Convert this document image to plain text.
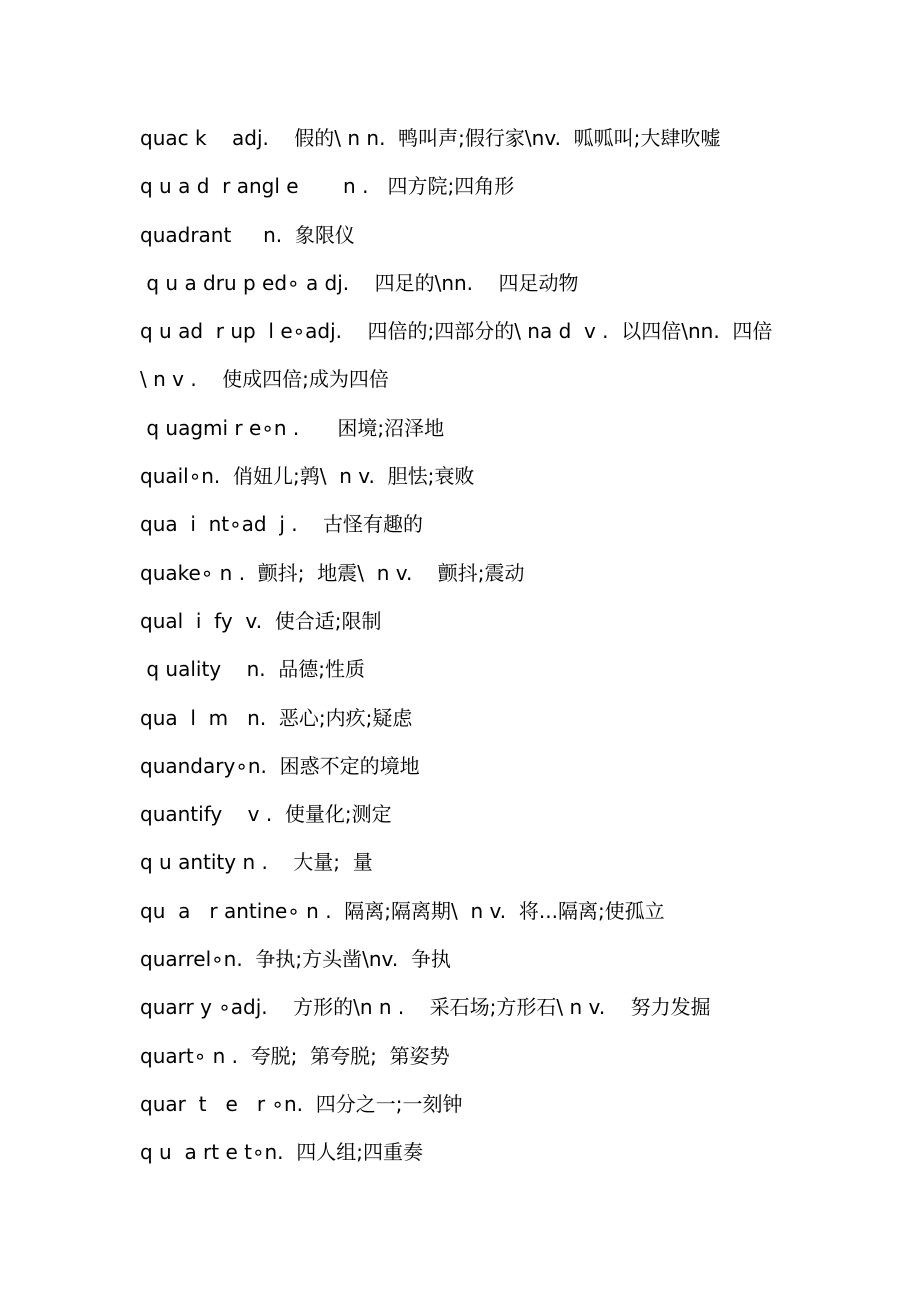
quac k    adj.    假的\ n n.  鸭叫声;假行家\nv.  呱呱叫;大肆吹嘘
q u a d  r angl e       n .   四方院;四角形
quadrant     n.  象限仪
q u a dru p ed∘ a dj.    四足的\nn.    四足动物
q u ad  r up  l e∘adj.    四倍的;四部分的\ na d  v .  以四倍\nn.  四倍
\ n v .    使成四倍;成为四倍
q uagmi r e∘n .      困境;沼泽地
quail∘n.  俏妞儿;鹑\  n v.  胆怯;衰败
qua  i  nt∘ad  j .    古怪有趣的
quake∘ n .  颤抖;  地震\  n v.    颤抖;震动
qual  i  fy  v.  使合适;限制
q uality    n.  品德;性质
qua  l  m   n.  恶心;内疚;疑虑
quandary∘n.  困惑不定的境地
quantify    v .  使量化;测定
q u antity n .    大量;  量
qu  a   r antine∘ n .  隔离;隔离期\  n v.  将...隔离;使孤立
quarrel∘n.  争执;方头凿\nv.  争执
quarr y ∘adj.    方形的\n n .    采石场;方形石\ n v.    努力发掘
quart∘ n .  夸脱;  第夸脱;  第姿势
quar  t   e   r ∘n.  四分之一;一刻钟
q u  a rt e t∘n.  四人组;四重奏
